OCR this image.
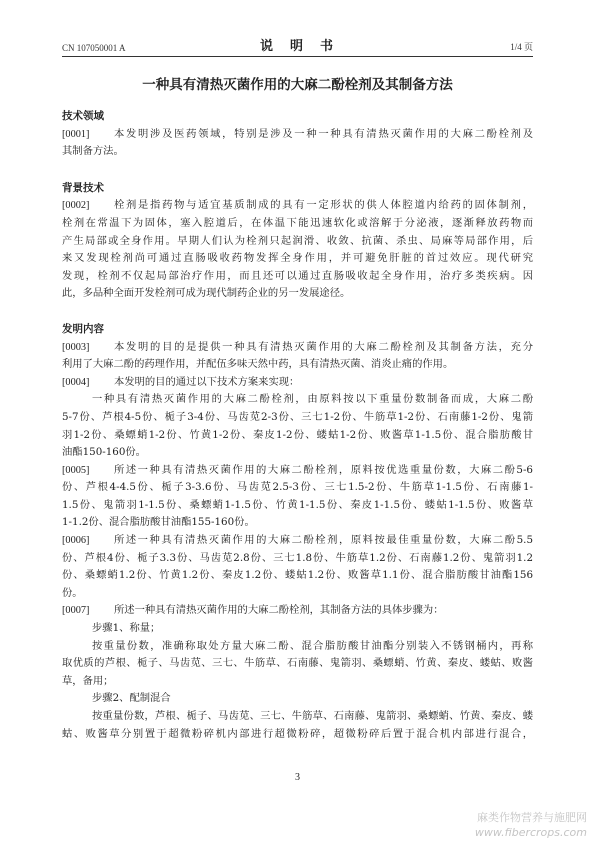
CN 107050001 A	说　明　书	1/4 页
一种具有清热灭菌作用的大麻二酚栓剂及其制备方法
技术领域
[0001]	本发明涉及医药领域，特别是涉及一种一种具有清热灭菌作用的大麻二酚栓剂及
其制备方法。
背景技术
[0002]	栓剂是指药物与适宜基质制成的具有一定形状的供人体腔道内给药的固体制剂，
栓剂在常温下为固体，塞入腔道后，在体温下能迅速软化或溶解于分泌液，逐渐释放药物而
产生局部或全身作用。早期人们认为栓剂只起润滑、收敛、抗菌、杀虫、局麻等局部作用，后
来又发现栓剂尚可通过直肠吸收药物发挥全身作用，并可避免肝脏的首过效应。现代研究
发现，栓剂不仅起局部治疗作用，而且还可以通过直肠吸收起全身作用，治疗多类疾病。因
此，多品种全面开发栓剂可成为现代制药企业的另一发展途径。
发明内容
[0003]	本发明的目的是提供一种具有清热灭菌作用的大麻二酚栓剂及其制备方法，充分
利用了大麻二酚的药理作用，并配伍多味天然中药，具有清热灭菌、消炎止痛的作用。
[0004]	本发明的目的通过以下技术方案来实现：
一种具有清热灭菌作用的大麻二酚栓剂，由原料按以下重量份数制备而成，大麻二酚
5-7份、芦根4-5份、栀子3-4份、马齿苋2-3份、三七1-2份、牛筋草1-2份、石南藤1-2份、鬼箭
羽1-2份、桑螵蛸1-2份、竹黄1-2份、秦皮1-2份、蝼蛄1-2份、败酱草1-1.5份、混合脂肪酸甘
油酯150-160份。
[0005]	所述一种具有清热灭菌作用的大麻二酚栓剂，原料按优选重量份数，大麻二酚5-6
份、芦根4-4.5份、栀子3-3.6份、马齿苋2.5-3份、三七1.5-2份、牛筋草1-1.5份、石南藤1-
1.5份、鬼箭羽1-1.5份、桑螵蛸1-1.5份、竹黄1-1.5份、秦皮1-1.5份、蝼蛄1-1.5份、败酱草
1-1.2份、混合脂肪酸甘油酯155-160份。
[0006]	所述一种具有清热灭菌作用的大麻二酚栓剂，原料按最佳重量份数，大麻二酚5.5
份、芦根4份、栀子3.3份、马齿苋2.8份、三七1.8份、牛筋草1.2份、石南藤1.2份、鬼箭羽1.2
份、桑螵蛸1.2份、竹黄1.2份、秦皮1.2份、蝼蛄1.2份、败酱草1.1份、混合脂肪酸甘油酯156
份。
[0007]	所述一种具有清热灭菌作用的大麻二酚栓剂，其制备方法的具体步骤为：
步骤1、称量；
按重量份数，准确称取处方量大麻二酚、混合脂肪酸甘油酯分别装入不锈钢桶内，再称
取优质的芦根、栀子、马齿苋、三七、牛筋草、石南藤、鬼箭羽、桑螵蛸、竹黄、秦皮、蝼蛄、败酱
草，备用；
步骤2、配制混合
按重量份数，芦根、栀子、马齿苋、三七、牛筋草、石南藤、鬼箭羽、桑螵蛸、竹黄、秦皮、蝼
蛄、败酱草分别置于超微粉碎机内部进行超微粉碎，超微粉碎后置于混合机内部进行混合，
3
麻类作物营养与施肥网
www.fibercrops.com
